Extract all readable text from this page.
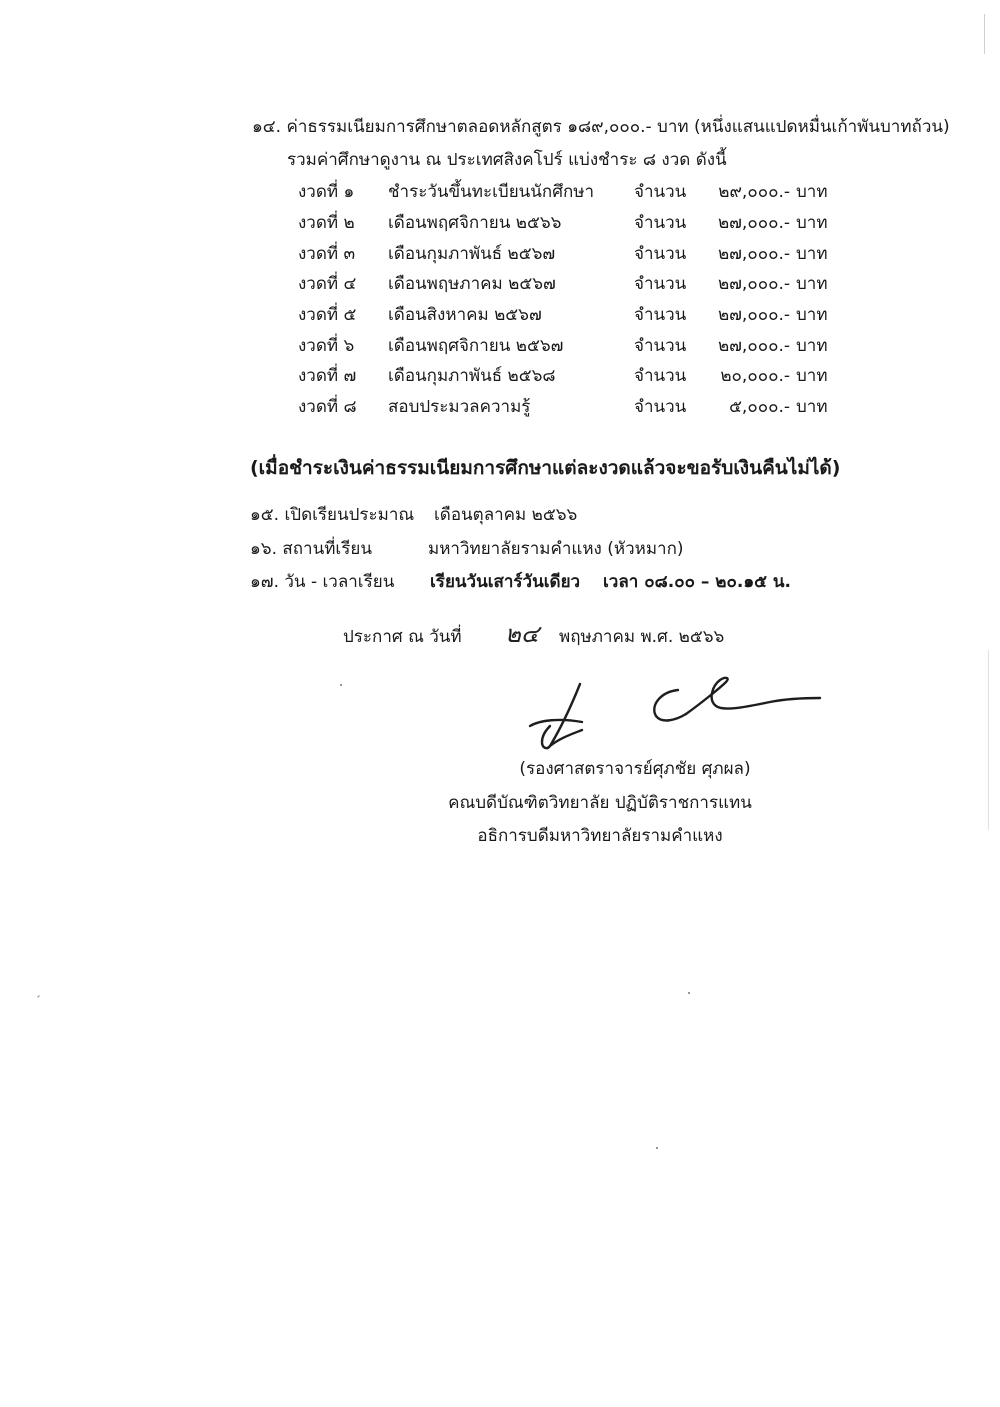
๑๔. ค่าธรรมเนียมการศึกษาตลอดหลักสูตร ๑๘๙,๐๐๐.- บาท (หนึ่งแสนแปดหมื่นเก้าพันบาทถ้วน)
รวมค่าศึกษาดูงาน ณ ประเทศสิงคโปร์ แบ่งชำระ ๘ งวด ดังนี้
งวดที่ ๑ ชำระวันขึ้นทะเบียนนักศึกษา จำนวน	๒๙,๐๐๐.- บาท
งวดที่ ๒ เดือนพฤศจิกายน ๒๕๖๖	จำนวน	๒๗,๐๐๐.- บาท
งวดที่ ๓ เดือนกุมภาพันธ์ ๒๕๖๗	จำนวน	๒๗,๐๐๐.- บาท
งวดที่ ๔ เดือนพฤษภาคม ๒๕๖๗	จำนวน	๒๗,๐๐๐.- บาท
งวดที่ ๕ เดือนสิงหาคม ๒๕๖๗	จำนวน	๒๗,๐๐๐.- บาท
งวดที่ ๖ เดือนพฤศจิกายน ๒๕๖๗	จำนวน	๒๗,๐๐๐.- บาท
งวดที่ ๗ เดือนกุมภาพันธ์ ๒๕๖๘	จำนวน	๒๐,๐๐๐.- บาท
งวดที่ ๘ สอบประมวลความรู้	จำนวน	๕,๐๐๐.- บาท
(เมื่อชำระเงินค่าธรรมเนียมการศึกษาแต่ละงวดแล้วจะขอรับเงินคืนไม่ได้)
๑๕. เปิดเรียนประมาณ เดือนตุลาคม ๒๕๖๖
๑๖. สถานที่เรียน	มหาวิทยาลัยรามคำแหง (หัวหมาก)
๑๗. วัน - เวลาเรียน เรียนวันเสาร์วันเดียว เวลา ๐๘.๐๐ – ๒๐.๑๕ น.
ประกาศ ณ วันที่ ๒๔ พฤษภาคม พ.ศ. ๒๕๖๖
(รองศาสตราจารย์ศุภชัย ศุภผล)
คณบดีบัณฑิตวิทยาลัย ปฏิบัติราชการแทน
อธิการบดีมหาวิทยาลัยรามคำแหง
